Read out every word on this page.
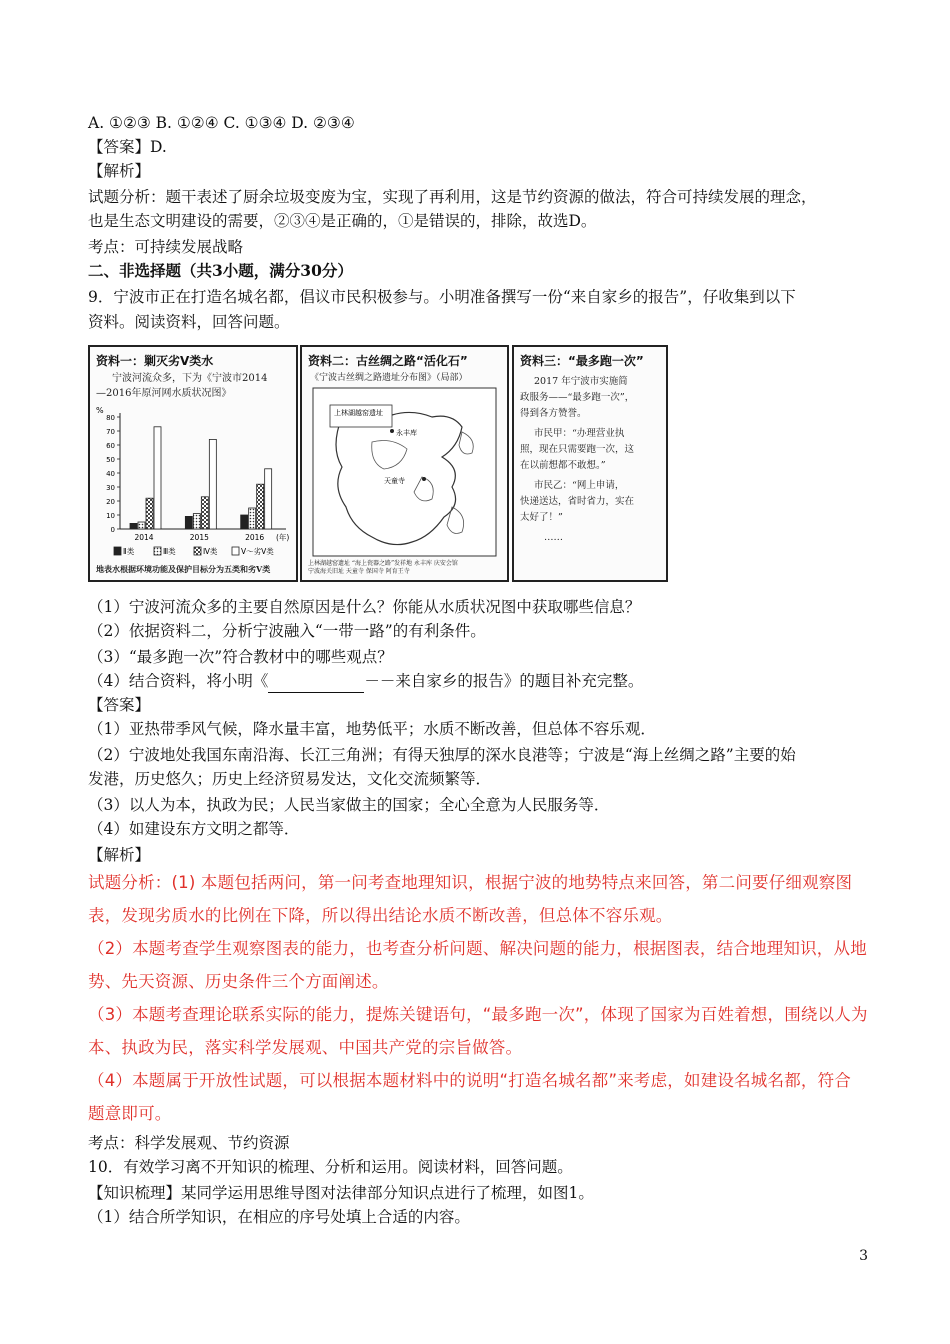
A. ①②③ B. ①②④ C. ①③④ D. ②③④
【答案】D.
【解析】
试题分析：题干表述了厨余垃圾变废为宝，实现了再利用，这是节约资源的做法，符合可持续发展的理念，
也是生态文明建设的需要，②③④是正确的，①是错误的，排除，故选D。
考点：可持续发展战略
二、非选择题（共3小题，满分30分）
9．宁波市正在打造名城名都，倡议市民积极参与。小明准备撰写一份“来自家乡的报告”，仔收集到以下
资料。阅读资料，回答问题。
资料一：剿灭劣Ⅴ类水
宁波河流众多，下为《宁波市2014
—2016年原河网水质状况图》
%
80
70
60
50
40
30
20
10
0
2014	2015	2016 (年)
Ⅱ类	Ⅲ类	Ⅳ类	Ⅴ～劣Ⅴ类
地表水根据环境功能及保护目标分为五类和劣Ⅴ类
资料二：古丝绸之路“活化石”
《宁波古丝绸之路遗址分布图》（局部）
上林湖越窑遗址
永丰库
天童寺
上林湖越窑遗址 “海上瓷器之路”发祥地 永丰库 庆安会馆
宁波海关旧址 天童寺 保国寺 阿育王寺
资料三：“最多跑一次”
2017 年宁波市实施简
政服务——“最多跑一次”，
得到各方赞誉。
市民甲：“办理营业执
照，现在只需要跑一次，这
在以前想都不敢想。”
市民乙：“网上申请，
快递送达，省时省力，实在
太好了！”
……
（1）宁波河流众多的主要自然原因是什么？你能从水质状况图中获取哪些信息？
（2）依据资料二，分析宁波融入“一带一路”的有利条件。
（3）“最多跑一次”符合教材中的哪些观点？
（4）结合资料，将小明《	－－来自家乡的报告》的题目补充完整。
【答案】
（1）亚热带季风气候，降水量丰富，地势低平；水质不断改善，但总体不容乐观．
（2）宁波地处我国东南沿海、长江三角洲；有得天独厚的深水良港等；宁波是“海上丝绸之路”主要的始
发港，历史悠久；历史上经济贸易发达，文化交流频繁等．
（3）以人为本，执政为民；人民当家做主的国家；全心全意为人民服务等．
（4）如建设东方文明之都等．
【解析】
试题分析：(1) 本题包括两问，第一问考查地理知识，根据宁波的地势特点来回答，第二问要仔细观察图
表，发现劣质水的比例在下降，所以得出结论水质不断改善，但总体不容乐观。
（2）本题考查学生观察图表的能力，也考查分析问题、解决问题的能力，根据图表，结合地理知识，从地
势、先天资源、历史条件三个方面阐述。
（3）本题考查理论联系实际的能力，提炼关键语句，“最多跑一次”，体现了国家为百姓着想，围绕以人为
本、执政为民，落实科学发展观、中国共产党的宗旨做答。
（4）本题属于开放性试题，可以根据本题材料中的说明“打造名城名都”来考虑，如建设名城名都，符合
题意即可。
考点：科学发展观、节约资源
10．有效学习离不开知识的梳理、分析和运用。阅读材料，回答问题。
【知识梳理】某同学运用思维导图对法律部分知识点进行了梳理，如图1。
（1）结合所学知识，在相应的序号处填上合适的内容。
3
